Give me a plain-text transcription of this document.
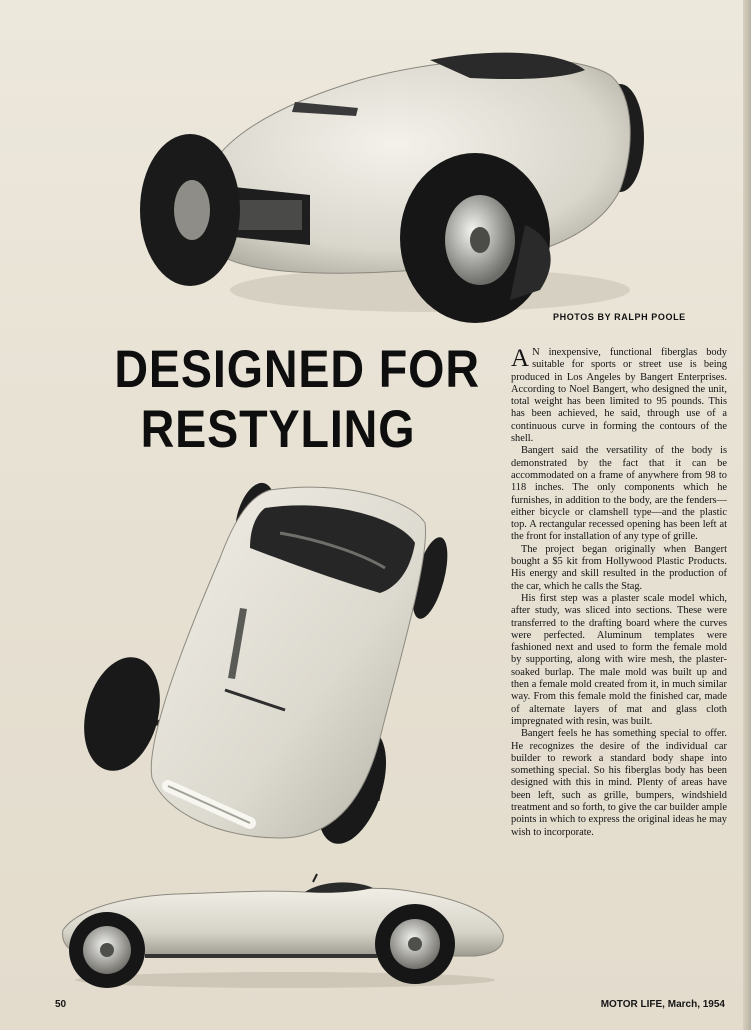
PHOTOS BY RALPH POOLE
DESIGNED FOR
RESTYLING

A N inexpensive, functional fiberglas body suitable for sports or street use is being produced in Los Angeles by Bangert Enterprises. According to Noel Bangert, who designed the unit, total weight has been limited to 95 pounds. This has been achieved, he said, through use of a continuous curve in forming the contours of the shell.

Bangert said the versatility of the body is demonstrated by the fact that it can be accommodated on a frame of anywhere from 98 to 118 inches. The only components which he furnishes, in addition to the body, are the fenders—either bicycle or clamshell type—and the plastic top. A rectangular recessed opening has been left at the front for installation of any type of grille.

The project began originally when Bangert bought a $5 kit from Hollywood Plastic Products. His energy and skill resulted in the production of the car, which he calls the Stag.

His first step was a plaster scale model which, after study, was sliced into sections. These were transferred to the drafting board where the curves were perfected. Aluminum templates were fashioned next and used to form the female mold by supporting, along with wire mesh, the plaster-soaked burlap. The male mold was built up and then a female mold created from it, in much similar way. From this female mold the finished car, made of alternate layers of mat and glass cloth impregnated with resin, was built.

Bangert feels he has something special to offer. He recognizes the desire of the individual car builder to rework a standard body shape into something special. So his fiberglas body has been designed with this in mind. Plenty of areas have been left, such as grille, bumpers, windshield treatment and so forth, to give the car builder ample points in which to express the original ideas he may wish to incorporate.

50	MOTOR LIFE, March, 1954
